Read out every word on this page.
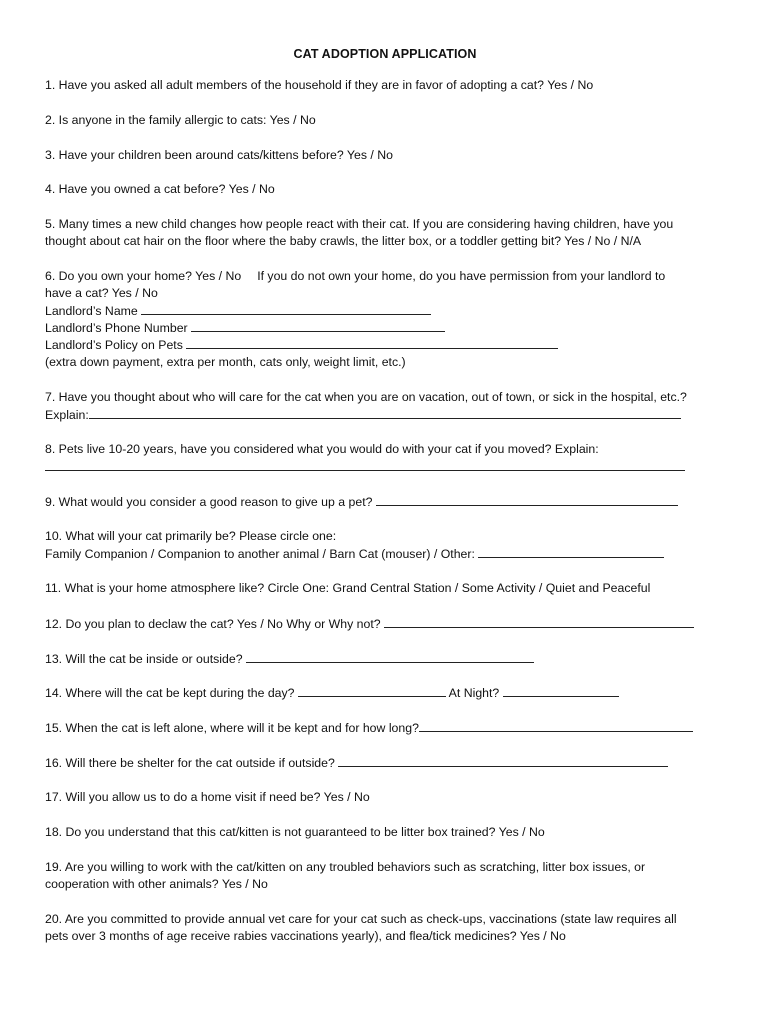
CAT ADOPTION APPLICATION
1. Have you asked all adult members of the household if they are in favor of adopting a cat? Yes / No
2. Is anyone in the family allergic to cats: Yes / No
3. Have your children been around cats/kittens before? Yes / No
4. Have you owned a cat before? Yes / No
5. Many times a new child changes how people react with their cat. If you are considering having children, have you
thought about cat hair on the floor where the baby crawls, the litter box, or a toddler getting bit? Yes / No / N/A
6. Do you own your home? Yes / No If you do not own your home, do you have permission from your landlord to
have a cat? Yes / No
Landlord’s Name
Landlord’s Phone Number
Landlord’s Policy on Pets
(extra down payment, extra per month, cats only, weight limit, etc.)
7. Have you thought about who will care for the cat when you are on vacation, out of town, or sick in the hospital, etc.?
Explain:
8. Pets live 10-20 years, have you considered what you would do with your cat if you moved? Explain:
9. What would you consider a good reason to give up a pet?
10. What will your cat primarily be? Please circle one:
Family Companion / Companion to another animal / Barn Cat (mouser) / Other:
11. What is your home atmosphere like? Circle One: Grand Central Station / Some Activity / Quiet and Peaceful
12. Do you plan to declaw the cat? Yes / No Why or Why not?
13. Will the cat be inside or outside?
14. Where will the cat be kept during the day?	At Night?
15. When the cat is left alone, where will it be kept and for how long?
16. Will there be shelter for the cat outside if outside?
17. Will you allow us to do a home visit if need be? Yes / No
18. Do you understand that this cat/kitten is not guaranteed to be litter box trained? Yes / No
19. Are you willing to work with the cat/kitten on any troubled behaviors such as scratching, litter box issues, or
cooperation with other animals? Yes / No
20. Are you committed to provide annual vet care for your cat such as check-ups, vaccinations (state law requires all
pets over 3 months of age receive rabies vaccinations yearly), and flea/tick medicines? Yes / No
